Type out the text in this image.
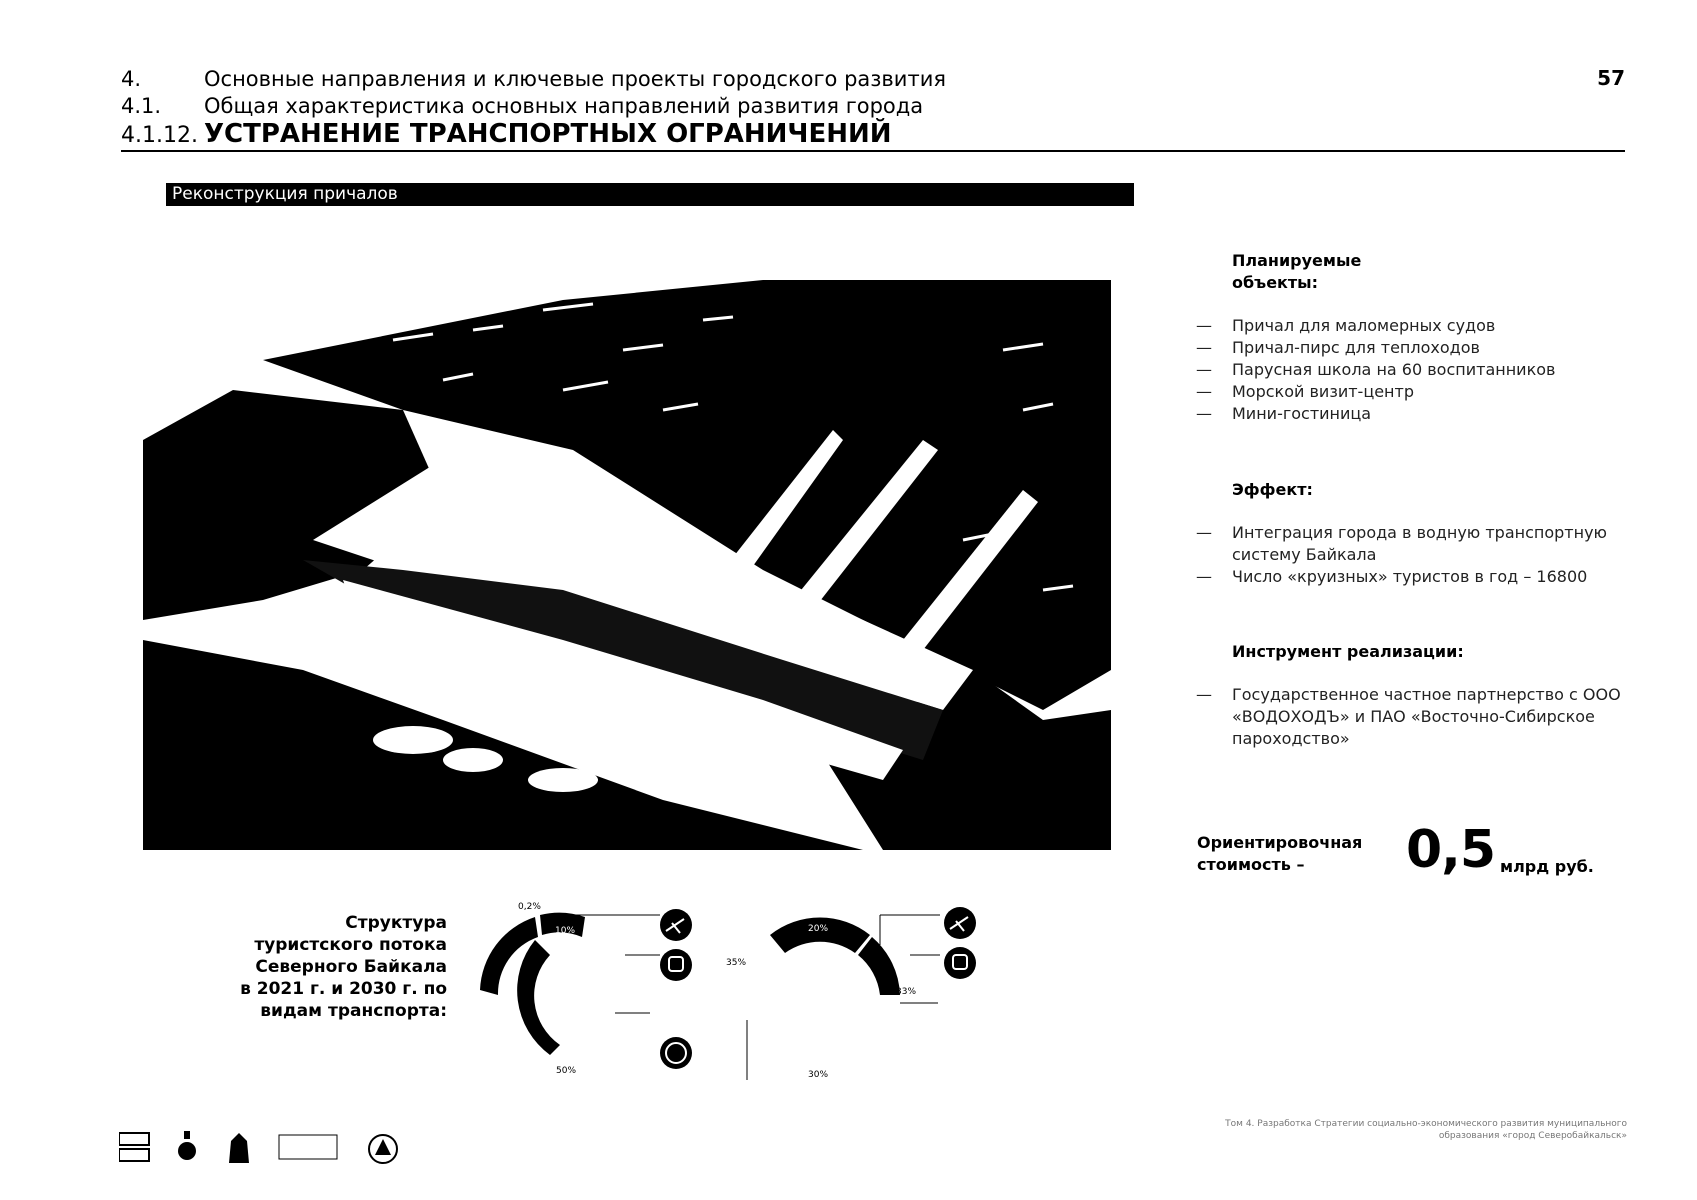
4.	Основные направления и ключевые проекты городского развития
4.1. Общая характеристика основных направлений развития города
4.1.12. УСТРАНЕНИЕ ТРАНСПОРТНЫХ ОГРАНИЧЕНИЙ
57
Реконструкция причалов
Планируемые объекты:
— Причал для маломерных судов
— Причал-пирс для теплоходов
— Парусная школа на 60 воспитанников
— Морской визит-центр
— Мини-гостиница
Эффект:
— Интеграция города в водную транспортную систему Байкала
— Число «круизных» туристов в год – 16800
Инструмент реализации:
— Государственное частное партнерство с ООО «ВОДОХОДЪ» и ПАО «Восточно-Сибирское пароходство»
Ориентировочная стоимость –	0,5 млрд руб.
Структура туристского потока Северного Байкала в 2021 г. и 2030 г. по видам транспорта:
0,2%
10%
50%
35%
20%
33%
30%
Том 4. Разработка Стратегии социально-экономического развития муниципального образования «город Северобайкальск»
